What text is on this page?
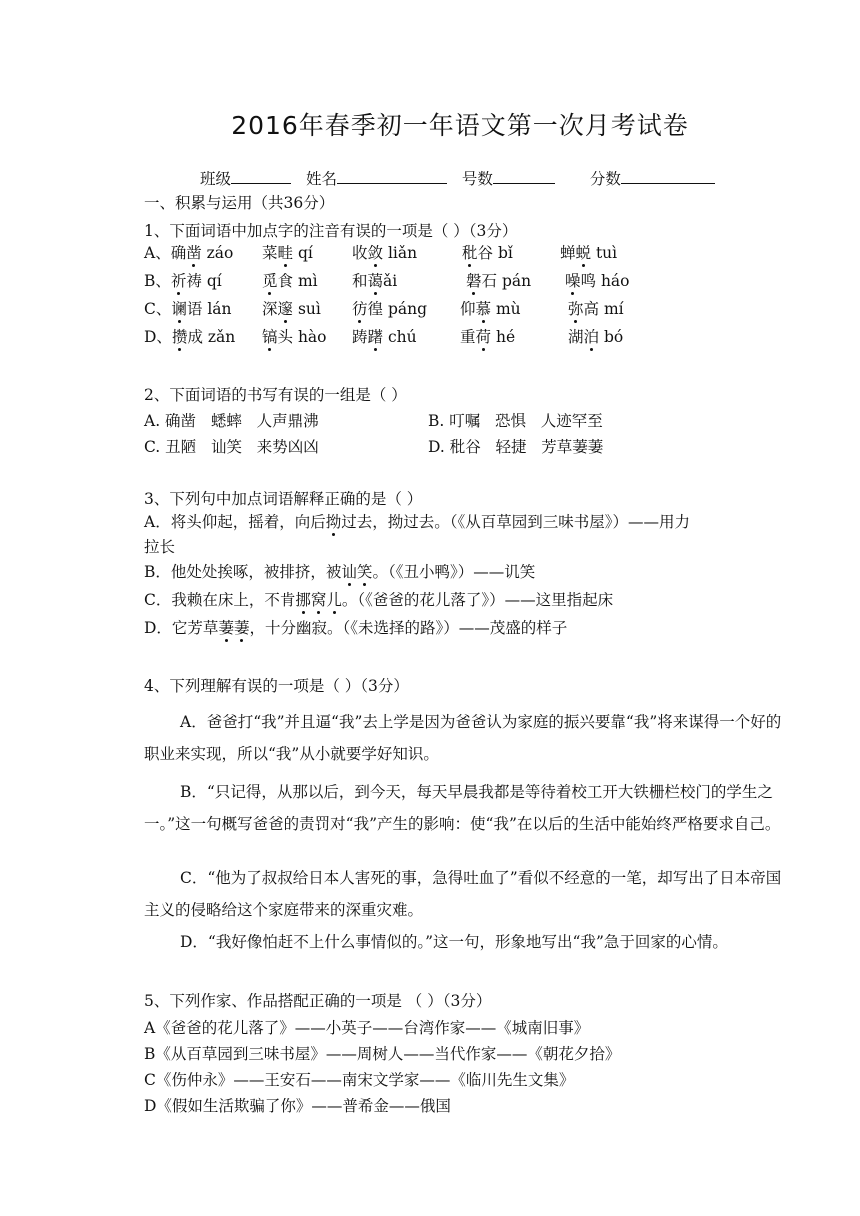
2016年春季初一年语文第一次月考试卷
班级	姓名	号数	分数
一、积累与运用（共36分）
1、下面词语中加点字的注音有误的一项是（ ）（3分）
A、确凿 záo 菜畦 qí	收敛 liǎn	秕谷 bǐ	蝉蜕 tuì
B、祈祷 qí	觅食 mì 和蔼ǎi	磐石 pán 噪鸣 háo
C、谰语 lán 深邃 suì 彷徨 páng 仰慕 mù	弥高 mí
D、攒成 zǎn 镐头 hào 踌躇 chú	重荷 hé	湖泊 bó
2、下面词语的书写有误的一组是（ ）
A. 确凿   蟋蟀   人声鼎沸	B. 叮嘱   恐惧   人迹罕至
C. 丑陋   讪笑   来势凶凶	D. 秕谷   轻捷   芳草萋萋
3、下列句中加点词语解释正确的是（ ）
A．将头仰起，摇着，向后拗过去，拗过去。（《从百草园到三味书屋》）——用力
拉长
B．他处处挨啄，被排挤，被讪笑。（《丑小鸭》）——讥笑
C．我赖在床上，不肯挪窝儿。（《爸爸的花儿落了》）——这里指起床
D．它芳草萋萋，十分幽寂。（《未选择的路》）——茂盛的样子
4、下列理解有误的一项是（ ）（3分）
A．爸爸打“我”并且逼“我”去上学是因为爸爸认为家庭的振兴要靠“我”将来谋得一个好的职业来实现，所以“我”从小就要学好知识。
B．“只记得，从那以后，到今天，每天早晨我都是等待着校工开大铁栅栏校门的学生之一。”这一句概写爸爸的责罚对“我”产生的影响：使“我”在以后的生活中能始终严格要求自己。
C．“他为了叔叔给日本人害死的事，急得吐血了”看似不经意的一笔，却写出了日本帝国主义的侵略给这个家庭带来的深重灾难。
D．“我好像怕赶不上什么事情似的。”这一句，形象地写出“我”急于回家的心情。
5、下列作家、作品搭配正确的一项是 （ ）（3分）
A《爸爸的花儿落了》——小英子——台湾作家——《城南旧事》
B《从百草园到三味书屋》——周树人——当代作家——《朝花夕拾》
C《伤仲永》——王安石——南宋文学家——《临川先生文集》
D《假如生活欺骗了你》——普希金——俄国
